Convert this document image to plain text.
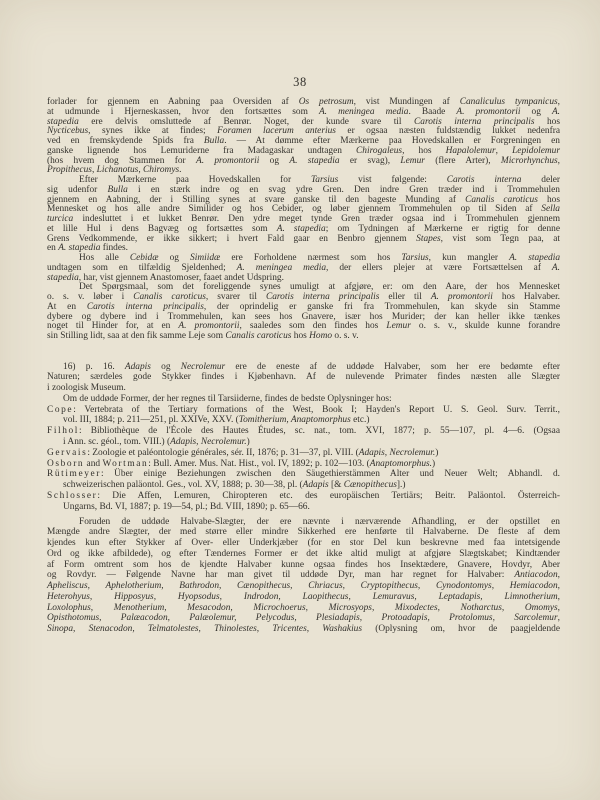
38
forlader for gjennem en Aabning paa Oversiden af Os petrosum, vist Mundingen af Canaliculus tympanicus,
at udmunde i Hjerneskassen, hvor den fortsættes som A. meningea media. Baade A. promontorii og A.
stapedia ere delvis omsluttede af Benrør. Noget, der kunde svare til Carotis interna principalis hos
Nycticebus, synes ikke at findes; Foramen lacerum anterius er ogsaa næsten fuldstændig lukket nedenfra
ved en fremskydende Spids fra Bulla. — At dømme efter Mærkerne paa Hovedskallen er Forgreningen en
ganske lignende hos Lemuriderne fra Madagaskar undtagen Chirogaleus, hos Hapalolemur, Lepidolemur
(hos hvem dog Stammen for A. promontorii og A. stapedia er svag), Lemur (flere Arter), Microrhynchus,
Propithecus, Lichanotus, Chiromys.
Efter Mærkerne paa Hovedskallen for Tarsius vist følgende: Carotis interna deler
sig udenfor Bulla i en stærk indre og en svag ydre Gren. Den indre Gren træder ind i Trommehulen
gjennem en Aabning, der i Stilling synes at svare ganske til den bageste Munding af Canalis caroticus hos
Mennesket og hos alle andre Similider og hos Cebider, og løber gjennem Trommehulen op til Siden af Sella
turcica indesluttet i et lukket Benrør. Den ydre meget tynde Gren træder ogsaa ind i Trommehulen gjennem
et lille Hul i dens Bagvæg og fortsættes som A. stapedia; om Tydningen af Mærkerne er rigtig for denne
Grens Vedkommende, er ikke sikkert; i hvert Fald gaar en Benbro gjennem Stapes, vist som Tegn paa, at
en A. stapedia findes.
Hos alle Cebidæ og Simiidæ ere Forholdene nærmest som hos Tarsius, kun mangler A. stapedia
undtagen som en tilfældig Sjeldenhed; A. meningea media, der ellers plejer at være Fortsættelsen af A.
stapedia, har, vist gjennem Anastomoser, faaet andet Udspring.
Det Spørgsmaal, som det foreliggende synes umuligt at afgjøre, er: om den Aare, der hos Mennesket
o. s. v. løber i Canalis caroticus, svarer til Carotis interna principalis eller til A. promontorii hos Halvaber.
At en Carotis interna principalis, der oprindelig er ganske fri fra Trommehulen, kan skyde sin Stamme
dybere og dybere ind i Trommehulen, kan sees hos Gnavere, især hos Murider; der kan heller ikke tænkes
noget til Hinder for, at en A. promontorii, saaledes som den findes hos Lemur o. s. v., skulde kunne forandre
sin Stilling lidt, saa at den fik samme Leje som Canalis caroticus hos Homo o. s. v.
16) p. 16. Adapis og Necrolemur ere de eneste af de uddøde Halvaber, som her ere bedømte efter
Naturen; særdeles gode Stykker findes i Kjøbenhavn. Af de nulevende Primater findes næsten alle Slægter
i zoologisk Museum.
Om de uddøde Former, der her regnes til Tarsiiderne, findes de bedste Oplysninger hos:
Cope: Vertebrata of the Tertiary formations of the West, Book I; Hayden's Report U. S. Geol. Surv. Territ.,
vol. III, 1884; p. 211—251, pl. XXIVe, XXV. (Tomitherium, Anaptomorphus etc.)
Filhol: Bibliothèque de l'École des Hautes Études, sc. nat., tom. XVI, 1877; p. 55—107, pl. 4—6. (Ogsaa
i Ann. sc. géol., tom. VIII.) (Adapis, Necrolemur.)
Gervais: Zoologie et paléontologie générales, sér. II, 1876; p. 31—37, pl. VIII. (Adapis, Necrolemur.)
Osborn and Wortman: Bull. Amer. Mus. Nat. Hist., vol. IV, 1892; p. 102—103. (Anaptomorphus.)
Rütimeyer: Über einige Beziehungen zwischen den Säugethierstämmen Alter und Neuer Welt; Abhandl. d.
schweizerischen paläontol. Ges., vol. XV, 1888; p. 30—38, pl. (Adapis [& Cænopithecus].)
Schlosser: Die Affen, Lemuren, Chiropteren etc. des europäischen Tertiärs; Beitr. Paläontol. Österreich-
Ungarns, Bd. VI, 1887; p. 19—54, pl.; Bd. VIII, 1890; p. 65—66.
Foruden de uddøde Halvabe-Slægter, der ere nævnte i nærværende Afhandling, er der opstillet en
Mængde andre Slægter, der med større eller mindre Sikkerhed ere henførte til Halvaberne. De fleste af dem
kjendes kun efter Stykker af Over- eller Underkjæber (for en stor Del kun beskrevne med faa intetsigende
Ord og ikke afbildede), og efter Tændernes Former er det ikke altid muligt at afgjøre Slægtskabet; Kindtænder
af Form omtrent som hos de kjendte Halvaber kunne ogsaa findes hos Insektædere, Gnavere, Hovdyr, Aber
og Rovdyr. — Følgende Navne har man givet til uddøde Dyr, man har regnet for Halvaber: Antiacodon,
Apheliscus, Aphelotherium, Bathrodon, Cænopithecus, Chriacus, Cryptopithecus, Cynodontomys, Hemiacodon,
Heterohyus, Hipposyus, Hyopsodus, Indrodon, Laopithecus, Lemuravus, Leptadapis, Limnotherium,
Loxolophus, Menotherium, Mesacodon, Microchoerus, Microsyops, Mixodectes, Notharctus, Omomys,
Opisthotomus, Palæacodon, Palæolemur, Pelycodus, Plesiadapis, Protoadapis, Protolomus, Sarcolemur,
Sinopa, Stenacodon, Telmatolestes, Thinolestes, Tricentes, Washakius (Oplysning om, hvor de paagjeldende
